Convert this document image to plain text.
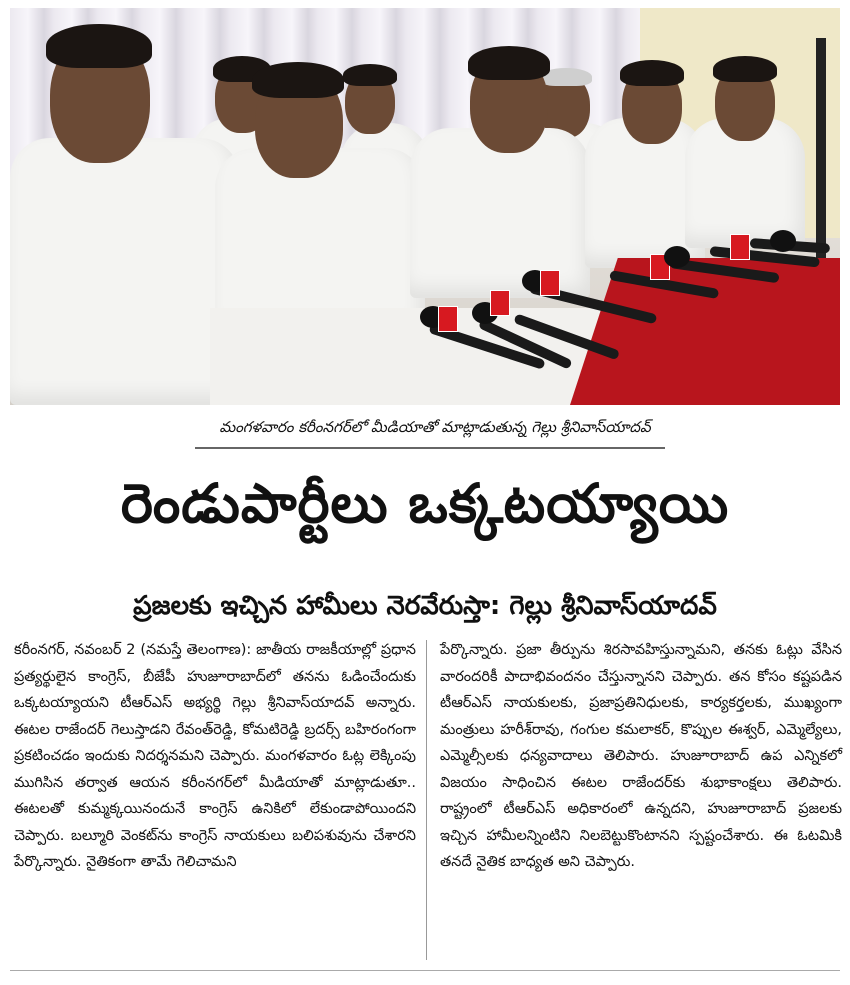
మంగళవారం కరీంనగర్‌లో మీడియాతో మాట్లాడుతున్న గెల్లు శ్రీనివాస్‌యాదవ్
రెండుపార్టీలు ఒక్కటయ్యాయి
ప్రజలకు ఇచ్చిన హామీలు నెరవేరుస్తా: గెల్లు శ్రీనివాస్‌యాదవ్

కరీంనగర్, నవంబర్ 2 (నమస్తే తెలంగాణ): జాతీయ రాజకీయాల్లో ప్రధాన ప్రత్యర్థులైన కాంగ్రెస్, బీజేపీ హుజూరాబాద్‌లో తనను ఓడించేందుకు ఒక్కటయ్యాయని టీఆర్ఎస్ అభ్యర్థి గెల్లు శ్రీనివాస్‌యాదవ్ అన్నారు. ఈటల రాజేందర్ గెలుస్తాడని రేవంత్‌రెడ్డి, కోమటిరెడ్డి బ్రదర్స్ బహిరంగంగా ప్రకటించడం ఇందుకు నిదర్శనమని చెప్పారు. మంగళవారం ఓట్ల లెక్కింపు ముగిసిన తర్వాత ఆయన కరీంనగర్‌లో మీడియాతో మాట్లాడుతూ.. ఈటలతో కుమ్మక్కయినందునే కాంగ్రెస్ ఉనికిలో లేకుండాపోయిందని చెప్పారు. బల్మూరి వెంకట్‌ను కాంగ్రెస్ నాయకులు బలిపశువును చేశారని పేర్కొన్నారు. నైతికంగా తామే గెలిచామని

పేర్కొన్నారు. ప్రజా తీర్పును శిరసావహిస్తున్నామని, తనకు ఓట్లు వేసిన వారందరికీ పాదాభివందనం చేస్తున్నానని చెప్పారు. తన కోసం కష్టపడిన టీఆర్ఎస్ నాయకులకు, ప్రజాప్రతినిధులకు, కార్యకర్తలకు, ముఖ్యంగా మంత్రులు హరీశ్‌రావు, గంగుల కమలాకర్, కొప్పుల ఈశ్వర్, ఎమ్మెల్యేలు, ఎమ్మెల్సీలకు ధన్యవాదాలు తెలిపారు. హుజూరాబాద్ ఉప ఎన్నికలో విజయం సాధించిన ఈటల రాజేందర్‌కు శుభాకాంక్షలు తెలిపారు. రాష్ట్రంలో టీఆర్ఎస్ అధికారంలో ఉన్నదని, హుజూరాబాద్ ప్రజలకు ఇచ్చిన హామీలన్నింటిని నిలబెట్టుకొంటానని స్పష్టంచేశారు. ఈ ఓటమికి తనదే నైతిక బాధ్యత అని చెప్పారు.
